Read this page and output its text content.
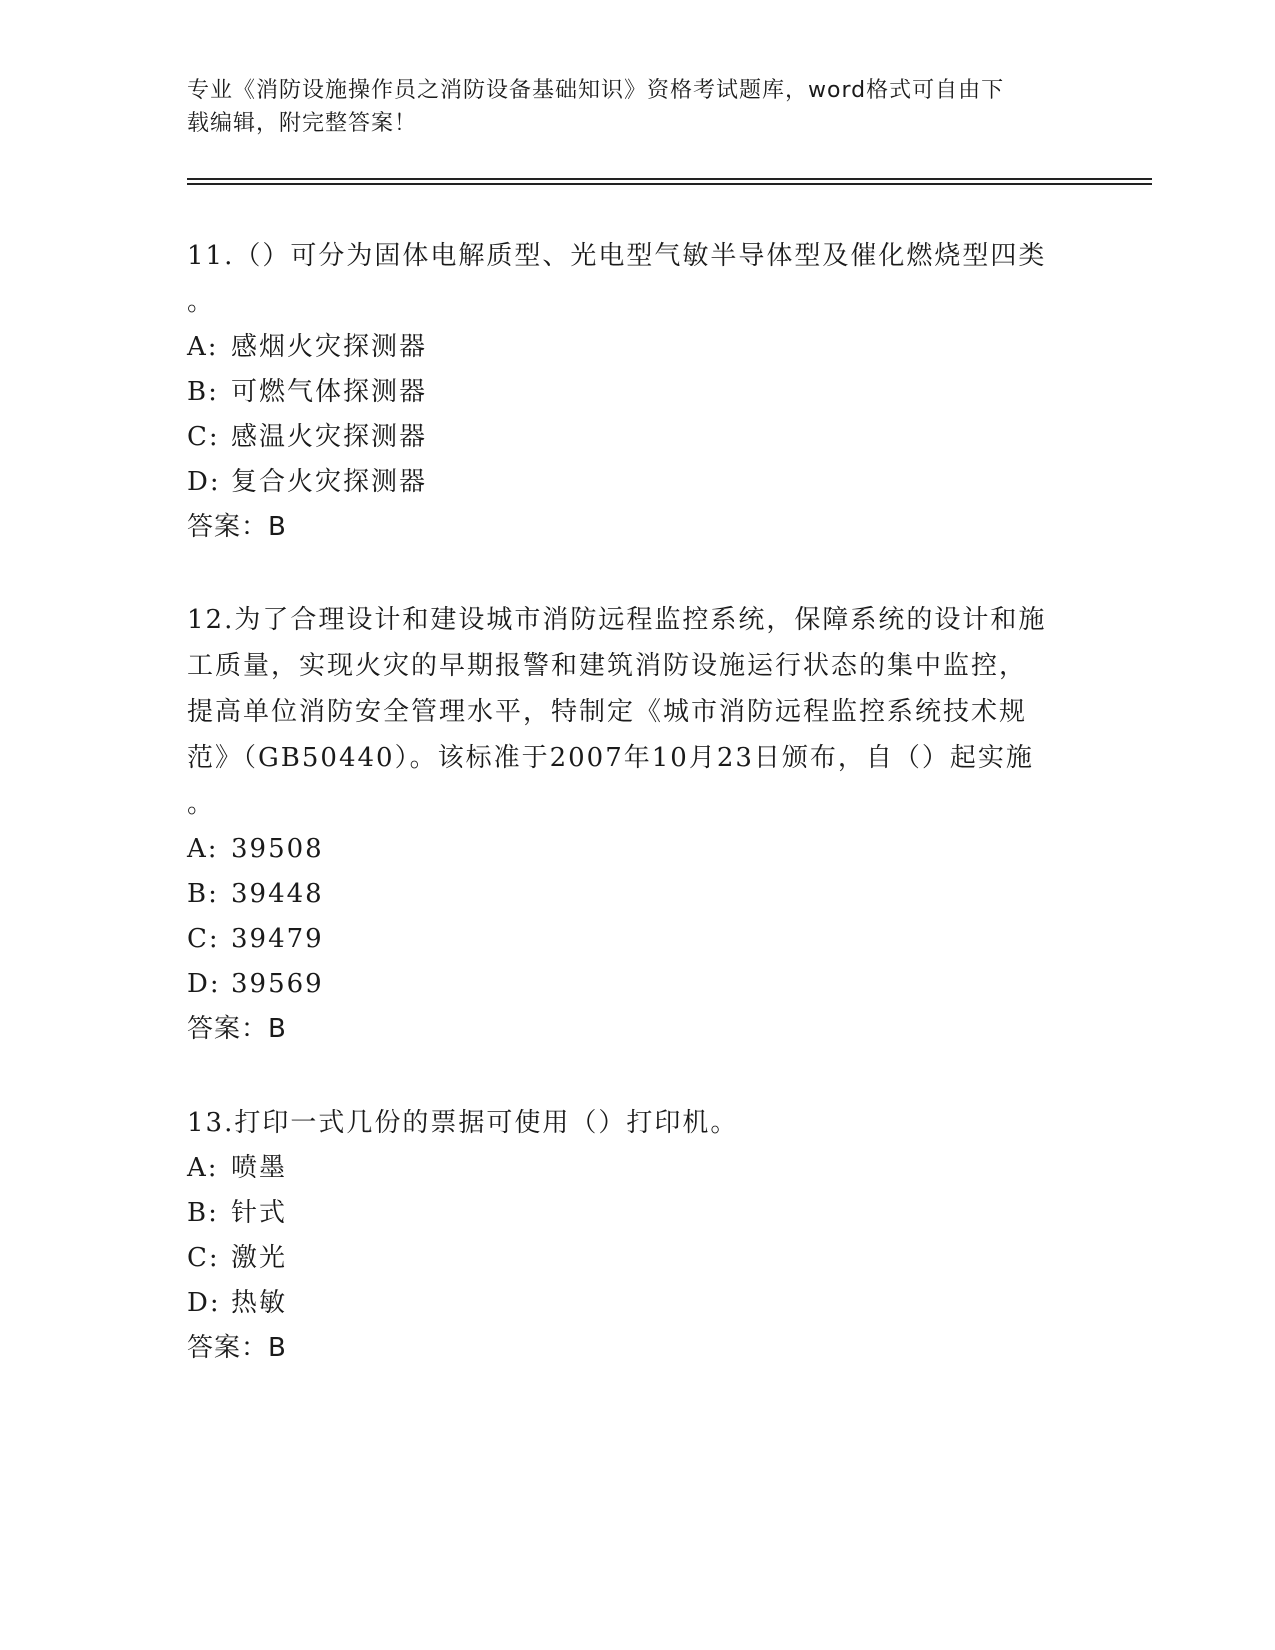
专业《消防设施操作员之消防设备基础知识》资格考试题库，word格式可自由下
载编辑，附完整答案！
11.（）可分为固体电解质型、光电型气敏半导体型及催化燃烧型四类
。
A: 感烟火灾探测器
B: 可燃气体探测器
C: 感温火灾探测器
D: 复合火灾探测器
答案：B
12.为了合理设计和建设城市消防远程监控系统，保障系统的设计和施
工质量，实现火灾的早期报警和建筑消防设施运行状态的集中监控，
提高单位消防安全管理水平，特制定《城市消防远程监控系统技术规
范》（GB50440）。该标准于2007年10月23日颁布，自（）起实施
。
A: 39508
B: 39448
C: 39479
D: 39569
答案：B
13.打印一式几份的票据可使用（）打印机。
A: 喷墨
B: 针式
C: 激光
D: 热敏
答案：B
